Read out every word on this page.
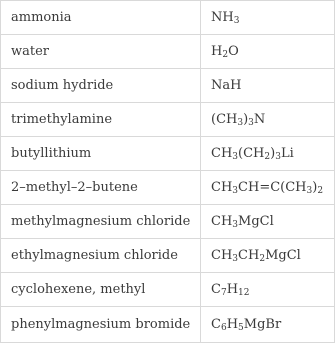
ammonia	$NH_3$
water	$H_2$ O
sodium hydride	NaH
trimethylamine	($CH_3$ )$_3$ N
butyllithium	$CH_3$ ($CH_2$ )$_3$ Li
2–methyl–2–butene	$CH_3$ $CH=C(CH_3$ )$_2$
methylmagnesium chloride	$CH_3$ MgCl
ethylmagnesium chloride	$CH_3$ $CH_2$ MgCl
cyclohexene, methyl	$C_7$ $H_{12}$
phenylmagnesium bromide	$C_6$ $H_5$ MgBr
